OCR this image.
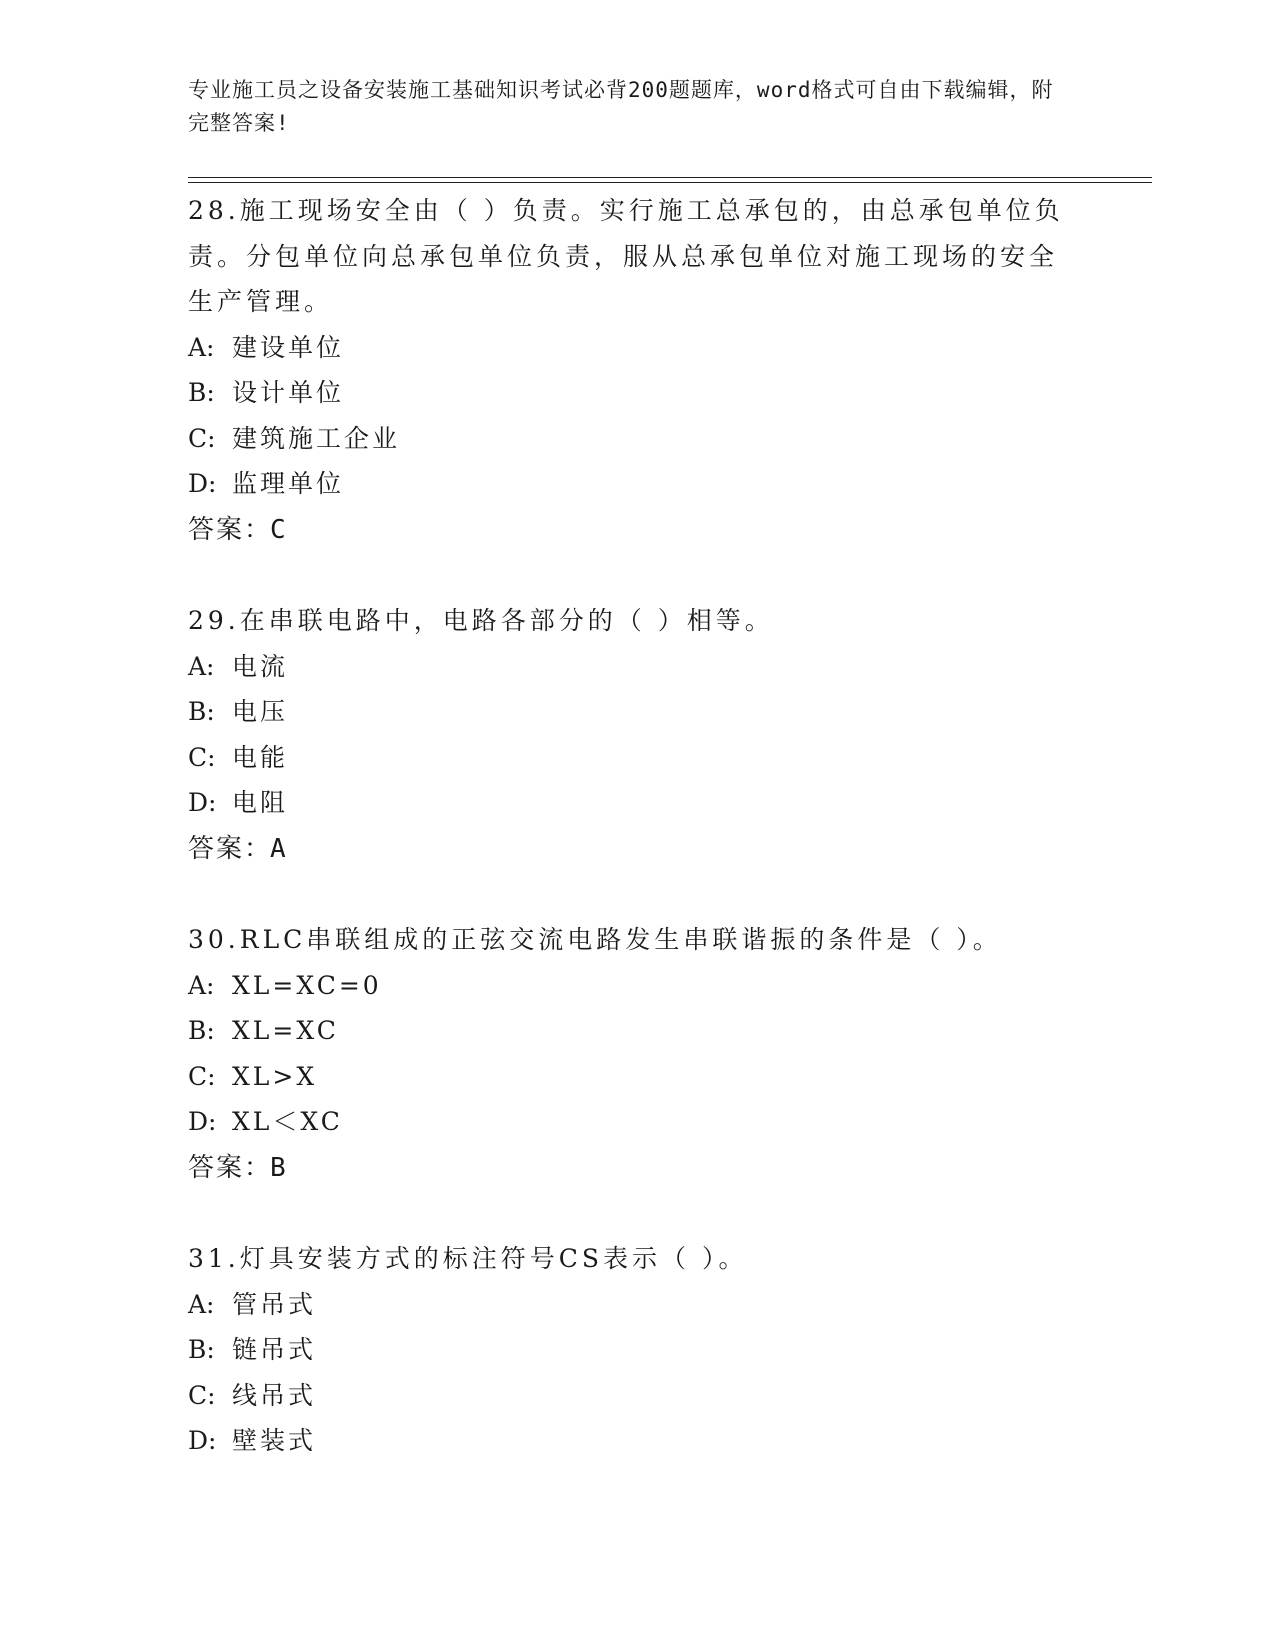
专业施工员之设备安装施工基础知识考试必背200题题库，word格式可自由下载编辑，附完整答案!

28.施工现场安全由（ ）负责。实行施工总承包的，由总承包单位负责。分包单位向总承包单位负责，服从总承包单位对施工现场的安全生产管理。

A: 建设单位

B: 设计单位

C: 建筑施工企业

D: 监理单位

答案：C

29.在串联电路中，电路各部分的（ ）相等。

A: 电流

B: 电压

C: 电能

D: 电阻

答案：A

30.RLC串联组成的正弦交流电路发生串联谐振的条件是（ ）。

A: XL=XC=0

B: XL=XC

C: XL>X

D: XL＜XC

答案：B

31.灯具安装方式的标注符号CS表示（ ）。

A: 管吊式

B: 链吊式

C: 线吊式

D: 壁装式
